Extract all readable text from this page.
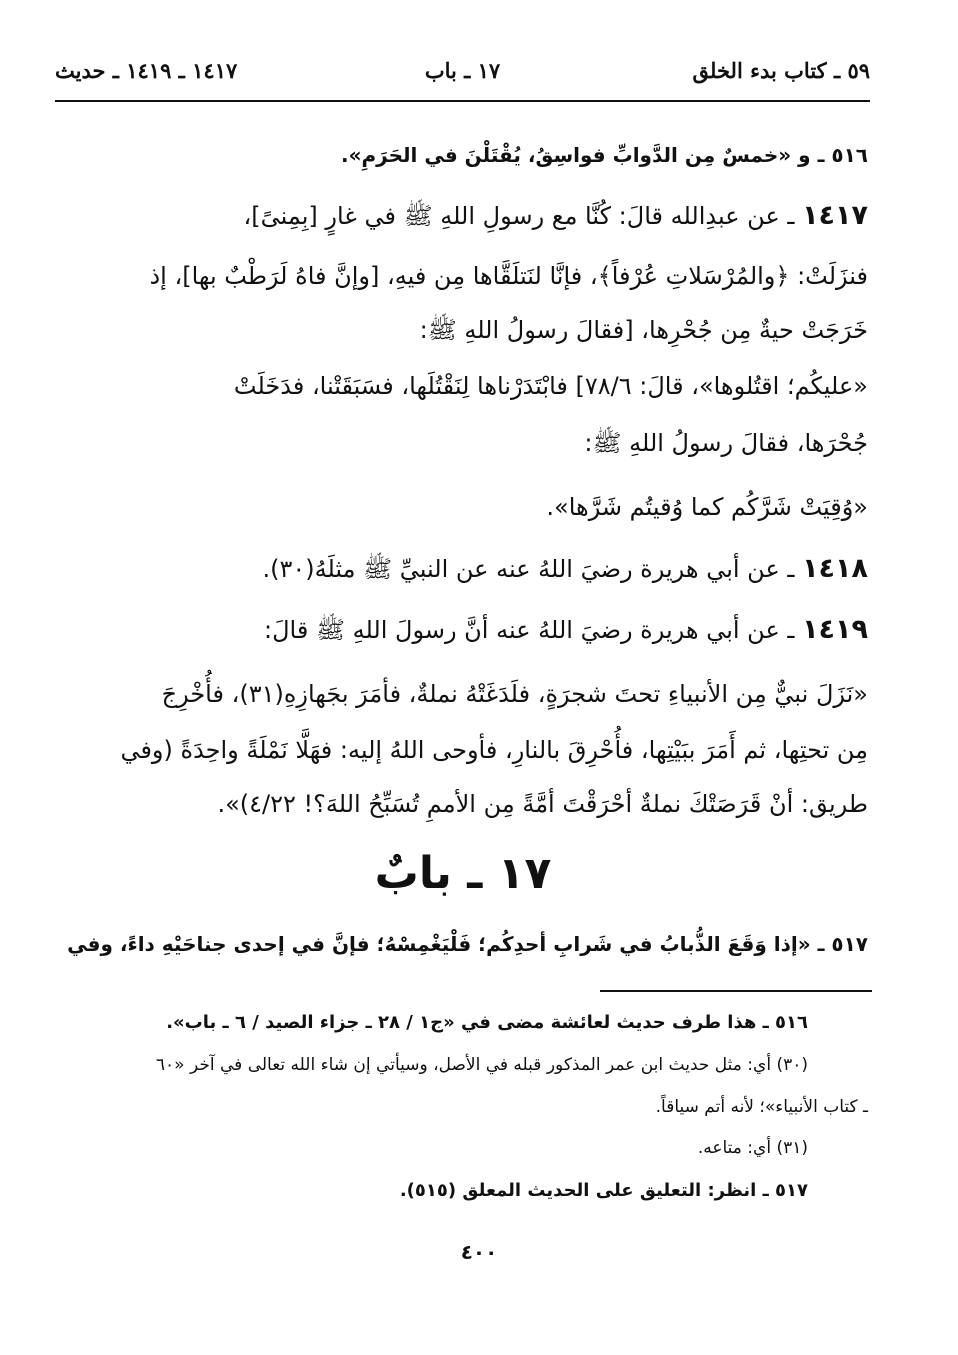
٥٩ ـ كتاب بدء الخلق
١٧ ـ باب
١٤١٧ ـ ١٤١٩ ـ حديث
٥١٦ ـ و «خمسٌ مِن الدَّوابِّ فواسِقُ، يُقْتَلْنَ في الحَرَمِ».
١٤١٧ ـ عن عبدِالله قالَ: كُنَّا مع رسولِ اللهِ ﷺ في غارٍ [بِمِنىً]،
فنزَلَتْ: ﴿والمُرْسَلاتِ عُرْفاً﴾، فإنَّا لنَتلَقَّاها مِن فيهِ، [وإنَّ فاهُ لَرَطْبٌ بها]، إذ
خَرَجَتْ حيةٌ مِن جُحْرِها، [فقالَ رسولُ اللهِ ﷺ:
«عليكُم؛ اقتُلوها»، قالَ: ٧٨/٦] فابْتَدَرْناها لِنَقْتُلَها، فسَبَقَتْنا، فدَخَلَتْ
جُحْرَها، فقالَ رسولُ اللهِ ﷺ:
«وُقِيَتْ شَرَّكُم كما وُقيتُم شَرَّها».
١٤١٨ ـ عن أبي هريرة رضيَ اللهُ عنه عن النبيِّ ﷺ مثلَهُ(٣٠).
١٤١٩ ـ عن أبي هريرة رضيَ اللهُ عنه أنَّ رسولَ اللهِ ﷺ قالَ:
«نَزَلَ نبيٌّ مِن الأنبياءِ تحتَ شجرَةٍ، فلَدَغَتْهُ نملةٌ، فأمَرَ بجَهازِهِ(٣١)، فأُخْرِجَ
مِن تحتِها، ثم أَمَرَ ببَيْتِها، فأُحْرِقَ بالنارِ، فأوحى اللهُ إليه: فهَلَّا نَمْلَةً واحِدَةً (وفي
طريق: أنْ قَرَصَتْكَ نملةٌ أحْرَقْتَ أمَّةً مِن الأممِ تُسَبِّحُ اللهَ؟! ٤/٢٢)».
٥١٧ ـ «إذا وَقَعَ الذُّبابُ في شَرابِ أحدِكُم؛ فَلْيَغْمِسْهُ؛ فإنَّ في إحدى جناحَيْهِ داءً، وفي
١٧ ـ بابٌ
٥١٦ ـ هذا طرف حديث لعائشة مضى في «ج١ / ٢٨ ـ جزاء الصيد / ٦ ـ باب».
(٣٠) أي: مثل حديث ابن عمر المذكور قبله في الأصل، وسيأتي إن شاء الله تعالى في آخر «٦٠
ـ كتاب الأنبياء»؛ لأنه أتم سياقاً.
(٣١) أي: متاعه.
٥١٧ ـ انظر: التعليق على الحديث المعلق (٥١٥).
٤٠٠
